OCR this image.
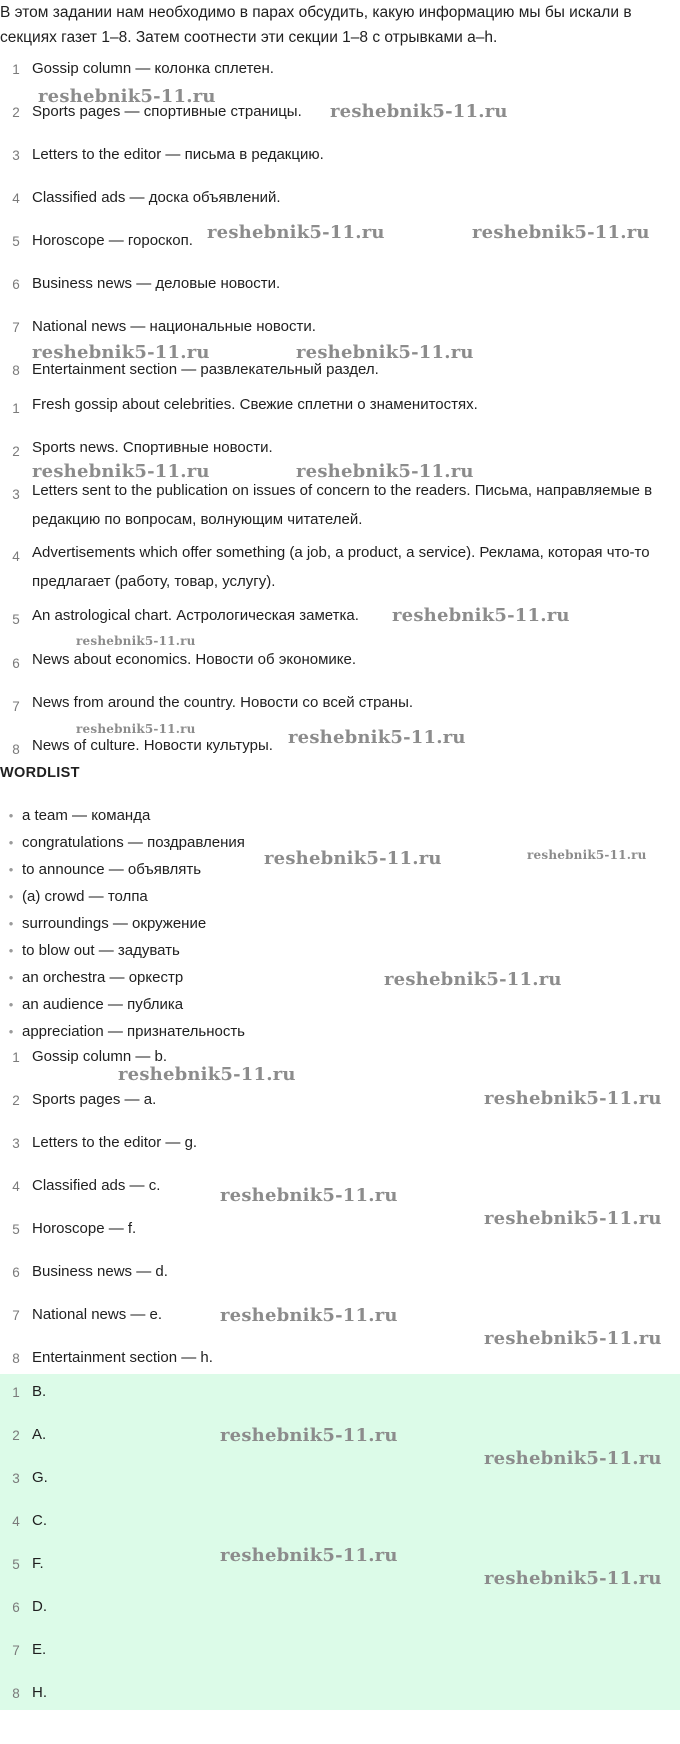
В этом задании нам необходимо в парах обсудить, какую информацию мы бы искали в секциях газет 1–8. Затем соотнести эти секции 1–8 с отрывками a–h.

1 Gossip column — колонка сплетен.
2 Sports pages — спортивные страницы.
3 Letters to the editor — письма в редакцию.
4 Classified ads — доска объявлений.
5 Horoscope — гороскоп.
6 Business news — деловые новости.
7 National news — национальные новости.
8 Entertainment section — развлекательный раздел.
1 Fresh gossip about celebrities. Свежие сплетни о знаменитостях.
2 Sports news. Спортивные новости.
3 Letters sent to the publication on issues of concern to the readers. Письма, направляемые в редакцию по вопросам, волнующим читателей.
4 Advertisements which offer something (a job, a product, a service). Реклама, которая что-то предлагает (работу, товар, услугу).
5 An astrological chart. Астрологическая заметка.
6 News about economics. Новости об экономике.
7 News from around the country. Новости со всей страны.
8 News of culture. Новости культуры.
WORDLIST
• a team — команда
• congratulations — поздравления
• to announce — объявлять
• (a) crowd — толпа
• surroundings — окружение
• to blow out — задувать
• an orchestra — оркестр
• an audience — публика
• appreciation — признательность
1 Gossip column — b.
2 Sports pages — a.
3 Letters to the editor — g.
4 Classified ads — c.
5 Horoscope — f.
6 Business news — d.
7 National news — e.
8 Entertainment section — h.
1 B.
2 A.
3 G.
4 C.
5 F.
6 D.
7 E.
8 H.
reshebnik5-11.ru
reshebnik5-11.ru
reshebnik5-11.ru	reshebnik5-11.ru
reshebnik5-11.ru	reshebnik5-11.ru
reshebnik5-11.ru	reshebnik5-11.ru
reshebnik5-11.ru
reshebnik5-11.ru
reshebnik5-11.ru	reshebnik5-11.ru
reshebnik5-11.ru	reshebnik5-11.ru
reshebnik5-11.ru
reshebnik5-11.ru
reshebnik5-11.ru
reshebnik5-11.ru
reshebnik5-11.ru
reshebnik5-11.ru
reshebnik5-11.ru
reshebnik5-11.ru
reshebnik5-11.ru
reshebnik5-11.ru
reshebnik5-11.ru
